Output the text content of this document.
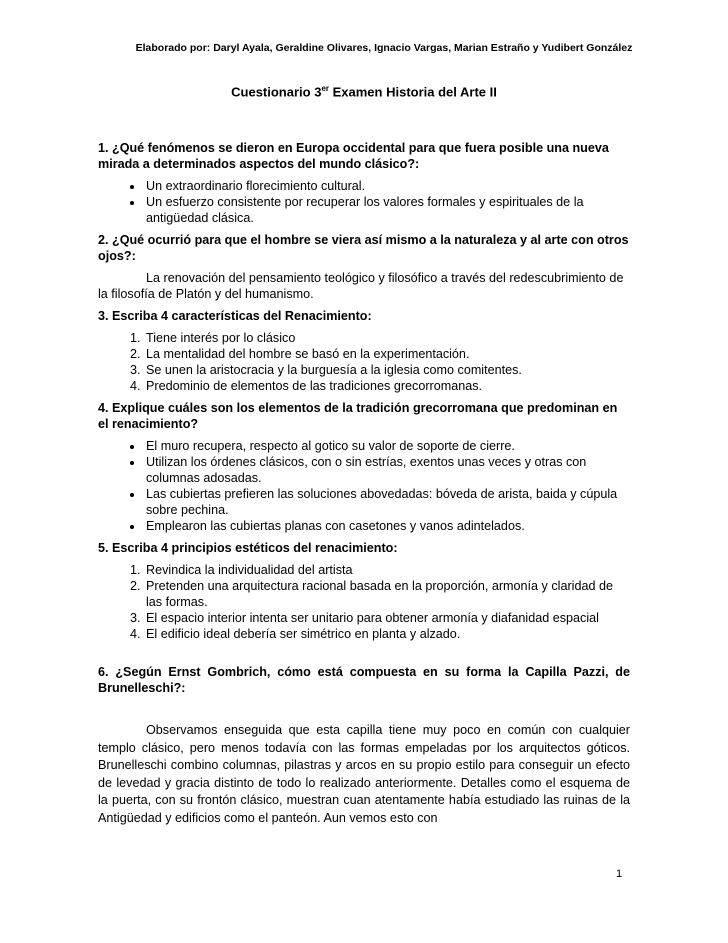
Elaborado por: Daryl Ayala, Geraldine Olivares, Ignacio Vargas, Marian Estraño y Yudibert González
Cuestionario 3er Examen Historia del Arte II
1. ¿Qué fenómenos se dieron en Europa occidental para que fuera posible una nueva mirada a determinados aspectos del mundo clásico?:
• Un extraordinario florecimiento cultural.
• Un esfuerzo consistente por recuperar los valores formales y espirituales de la antigüedad clásica.
2. ¿Qué ocurrió para que el hombre se viera así mismo a la naturaleza y al arte con otros ojos?:

La renovación del pensamiento teológico y filosófico a través del redescubrimiento de la filosofía de Platón y del humanismo.

3. Escriba 4 características del Renacimiento:
1. Tiene interés por lo clásico
2. La mentalidad del hombre se basó en la experimentación.
3. Se unen la aristocracia y la burguesía a la iglesia como comitentes.
4. Predominio de elementos de las tradiciones grecorromanas.
4. Explique cuáles son los elementos de la tradición grecorromana que predominan en el renacimiento?
• El muro recupera, respecto al gotico su valor de soporte de cierre.
• Utilizan los órdenes clásicos, con o sin estrías, exentos unas veces y otras con columnas adosadas.
• Las cubiertas prefieren las soluciones abovedadas: bóveda de arista, baida y cúpula sobre pechina.
• Emplearon las cubiertas planas con casetones y vanos adintelados.
5. Escriba 4 principios estéticos del renacimiento:
1. Revindica la individualidad del artista
2. Pretenden una arquitectura racional basada en la proporción, armonía y claridad de las formas.
3. El espacio interior intenta ser unitario para obtener armonía y diafanidad espacial
4. El edificio ideal debería ser simétrico en planta y alzado.
6. ¿Según Ernst Gombrich, cómo está compuesta en su forma la Capilla Pazzi, de Brunelleschi?:

Observamos enseguida que esta capilla tiene muy poco en común con cualquier templo clásico, pero menos todavía con las formas empeladas por los arquitectos góticos. Brunelleschi combino columnas, pilastras y arcos en su propio estilo para conseguir un efecto de levedad y gracia distinto de todo lo realizado anteriormente. Detalles como el esquema de la puerta, con su frontón clásico, muestran cuan atentamente había estudiado las ruinas de la Antigüedad y edificios como el panteón. Aun vemos esto con

1
